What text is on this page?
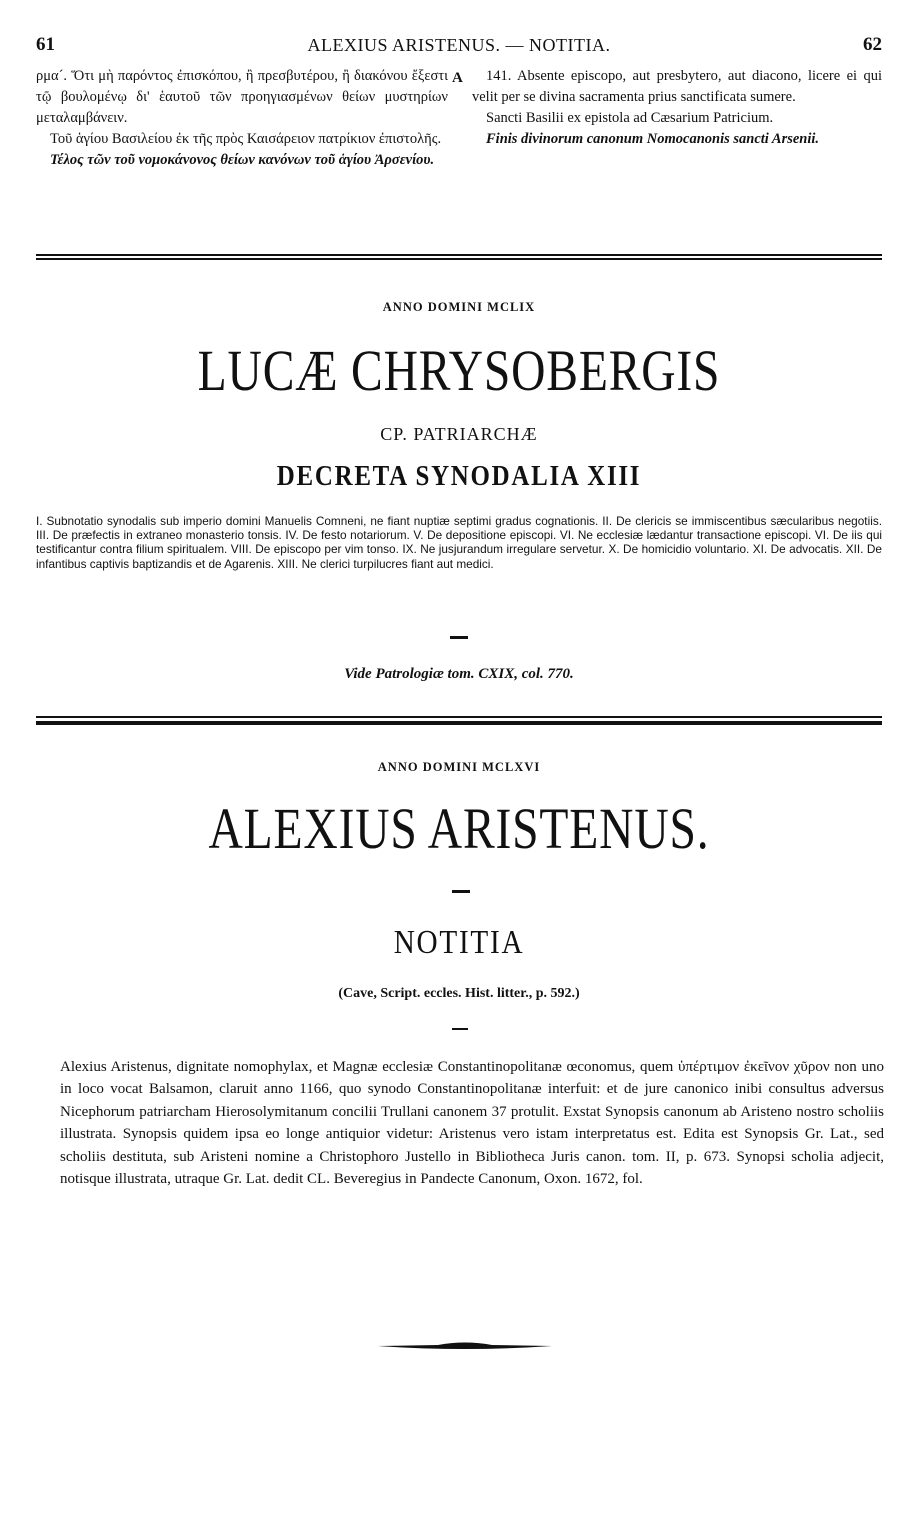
61	ALEXIUS ARISTENUS. — NOTITIA.	62

ρμα´. Ὅτι μὴ παρόντος ἐπισκόπου, ἢ πρεσβυτέρου, ἢ διακόνου ἔξεστι τῷ βουλομένῳ δι' ἑαυτοῦ τῶν προηγιασμένων θείων μυστηρίων μεταλαμβάνειν.

Τοῦ ἁγίου Βασιλείου ἐκ τῆς πρὸς Καισάρειον πατρίκιον ἐπιστολῆς.

Τέλος τῶν τοῦ νομοκάνονος θείων κανόνων τοῦ ἁγίου Ἀρσενίου.

A	141. Absente episcopo, aut presbytero, aut diacono, licere ei qui velit per se divina sacramenta prius sanctificata sumere.

Sancti Basilii ex epistola ad Cæsarium Patricium.

Finis divinorum canonum Nomocanonis sancti Arsenii.

ANNO DOMINI MCLIX
LUCÆ CHRYSOBERGIS
CP. PATRIARCHÆ
DECRETA SYNODALIA XIII
I. Subnotatio synodalis sub imperio domini Manuelis Comneni, ne fiant nuptiæ septimi gradus cognationis. II. De clericis se immiscentibus sæcularibus negotiis. III. De præfectis in extraneo monasterio tonsis. IV. De festo notariorum. V. De depositione episcopi. VI. Ne ecclesiæ lædantur transactione episcopi. VI. De iis qui testificantur contra filium spiritualem. VIII. De episcopo per vim tonso. IX. Ne jusjurandum irregulare servetur. X. De homicidio voluntario. XI. De advocatis. XII. De infantibus captivis baptizandis et de Agarenis. XIII. Ne clerici turpilucres fiant aut medici.
Vide Patrologiæ tom. CXIX, col. 770.
ANNO DOMINI MCLXVI
ALEXIUS ARISTENUS.
NOTITIA
(Cave, Script. eccles. Hist. litter., p. 592.)
Alexius Aristenus, dignitate nomophylax, et Magnæ ecclesiæ Constantinopolitanæ œconomus, quem ὑπέρτιμον ἐκεῖνον χῦρον non uno in loco vocat Balsamon, claruit anno 1166, quo synodo Constantinopolitanæ interfuit: et de jure canonico inibi consultus adversus Nicephorum patriarcham Hierosolymitanum concilii Trullani canonem 37 protulit. Exstat Synopsis canonum ab Aristeno nostro scholiis illustrata. Synopsis quidem ipsa eo longe antiquior videtur: Aristenus vero istam interpretatus est. Edita est Synopsis Gr. Lat., sed scholiis destituta, sub Aristeni nomine a Christophoro Justello in Bibliotheca Juris canon. tom. II, p. 673. Synopsi scholia adjecit, notisque illustrata, utraque Gr. Lat. dedit CL. Beveregius in Pandecte Canonum, Oxon. 1672, fol.
